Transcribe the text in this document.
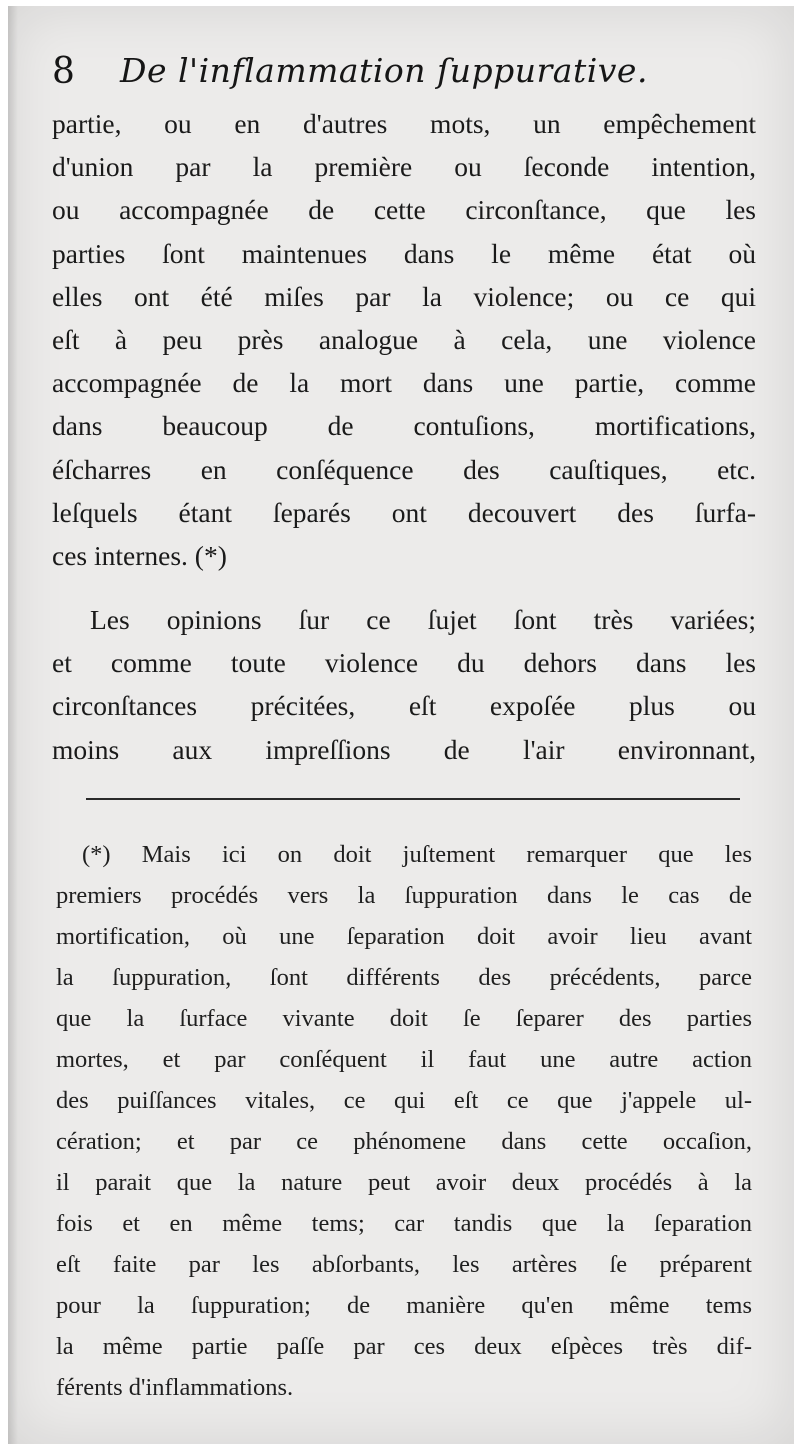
8 De l'inflammation ſuppurative.
partie, ou en d'autres mots, un empêchement
d'union par la première ou ſeconde intention,
ou accompagnée de cette circonſtance, que les
parties ſont maintenues dans le même état où
elles ont été miſes par la violence; ou ce qui
eſt à peu près analogue à cela, une violence
accompagnée de la mort dans une partie, comme
dans beaucoup de contuſions, mortifications,
éſcharres en conſéquence des cauſtiques, etc.
leſquels étant ſeparés ont decouvert des ſurfa-
ces internes. (*)
Les opinions ſur ce ſujet ſont très variées;
et comme toute violence du dehors dans les
circonſtances précitées, eſt expoſée plus ou
moins aux impreſſions de l'air environnant,
(*) Mais ici on doit juſtement remarquer que les
premiers procédés vers la ſuppuration dans le cas de
mortification, où une ſeparation doit avoir lieu avant
la ſuppuration, ſont différents des précédents, parce
que la ſurface vivante doit ſe ſeparer des parties
mortes, et par conſéquent il faut une autre action
des puiſſances vitales, ce qui eſt ce que j'appele ul-
cération; et par ce phénomene dans cette occaſion,
il parait que la nature peut avoir deux procédés à la
fois et en même tems; car tandis que la ſeparation
eſt faite par les abſorbants, les artères ſe préparent
pour la ſuppuration; de manière qu'en même tems
la même partie paſſe par ces deux eſpèces très dif-
férents d'inflammations.
